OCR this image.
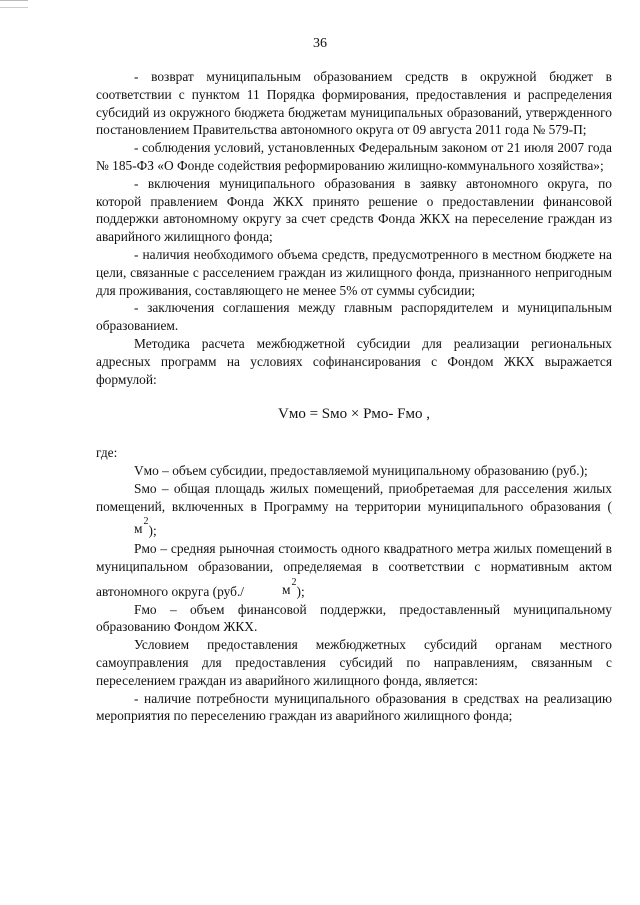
36

- возврат муниципальным образованием средств в окружной бюджет в соответствии с пунктом 11 Порядка формирования, предоставления и распределения субсидий из окружного бюджета бюджетам муниципальных образований, утвержденного постановлением Правительства автономного округа от 09 августа 2011 года № 579-П;

- соблюдения условий, установленных Федеральным законом от 21 июля 2007 года № 185-ФЗ «О Фонде содействия реформированию жилищно-коммунального хозяйства»;

- включения муниципального образования в заявку автономного округа, по которой правлением Фонда ЖКХ принято решение о предоставлении финансовой поддержки автономному округу за счет средств Фонда ЖКХ на переселение граждан из аварийного жилищного фонда;

- наличия необходимого объема средств, предусмотренного в местном бюджете на цели, связанные с расселением граждан из жилищного фонда, признанного непригодным для проживания, составляющего не менее 5% от суммы субсидии;

- заключения соглашения между главным распорядителем и муниципальным образованием.

Методика расчета межбюджетной субсидии для реализации региональных адресных программ на условиях софинансирования с Фондом ЖКХ выражается формулой:

Vмо = Sмо × Pмо- Fмо ,

где:

Vмо – объем субсидии, предоставляемой муниципальному образованию (руб.);

Sмо – общая площадь жилых помещений, приобретаемая для расселения жилых помещений, включенных в Программу на территории муниципального образования $(м^2)$;

Pмо – средняя рыночная стоимость одного квадратного метра жилых помещений в муниципальном образовании, определяемая в соответствии с нормативным актом автономного округа (руб./	$м^2$);

Fмо – объем финансовой поддержки, предоставленный муниципальному образованию Фондом ЖКХ.

Условием предоставления межбюджетных субсидий органам местного самоуправления для предоставления субсидий по направлениям, связанным с переселением граждан из аварийного жилищного фонда, является:

- наличие потребности муниципального образования в средствах на реализацию мероприятия по переселению граждан из аварийного жилищного фонда;
